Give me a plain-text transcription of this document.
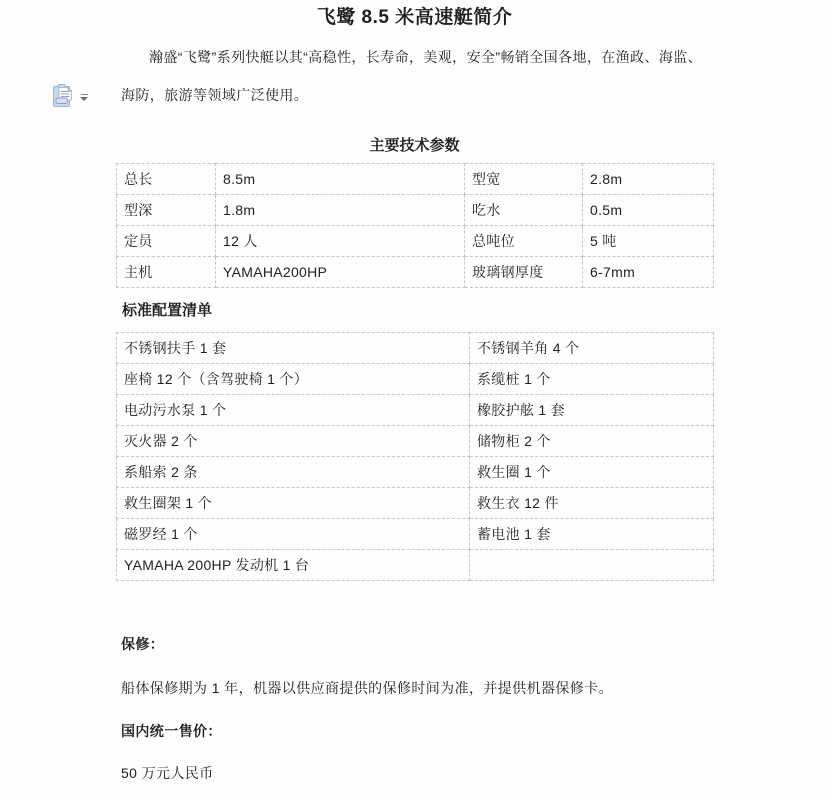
飞鹭 8.5 米高速艇简介

瀚盛“飞鹭”系列快艇以其“高稳性，长寿命，美观，安全”畅销全国各地，在渔政、海监、海防，旅游等领域广泛使用。

主要技术参数
总长	8.5m	型宽	2.8m
型深	1.8m	吃水	0.5m
定员	12 人	总吨位	5 吨
主机	YAMAHA200HP	玻璃钢厚度	6-7mm
标准配置清单
不锈钢扶手 1 套	不锈钢羊角 4 个
座椅 12 个（含驾驶椅 1 个）	系缆桩 1 个
电动污水泵 1 个	橡胶护舷 1 套
灭火器 2 个	储物柜 2 个
系船索 2 条	救生圈 1 个
救生圈架 1 个	救生衣 12 件
磁罗经 1 个	蓄电池 1 套
YAMAHA 200HP 发动机 1 台	

保修：

船体保修期为 1 年，机器以供应商提供的保修时间为准，并提供机器保修卡。

国内统一售价：

50 万元人民币
